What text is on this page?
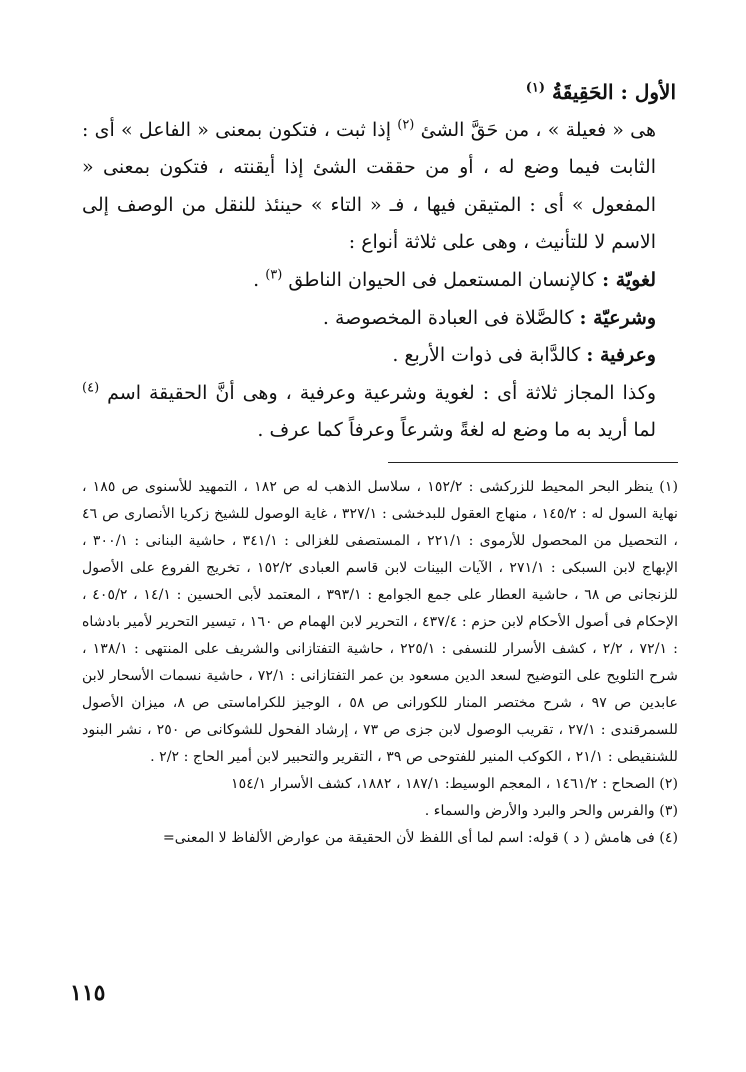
الأول : الحَقِيقَةُ $^{(١)}$

هى « فعيلة » ، من حَقَّ الشئ $^{(٢)}$ إذا ثبت ، فتكون بمعنى « الفاعل » أى : الثابت فيما وضع له ، أو من حققت الشئ إذا أيقنته ، فتكون بمعنى « المفعول » أى : المتيقن فيها ، فـ « التاء » حينئذ للنقل من الوصف إلى الاسم لا للتأنيث ، وهى على ثلاثة أنواع :

لغويّة : كالإنسان المستعمل فى الحيوان الناطق $^{(٣)}$ .

وشرعيّة : كالصَّلاة فى العبادة المخصوصة .

وعرفية : كالدَّابة فى ذوات الأربع .

وكذا المجاز ثلاثة أى : لغوية وشرعية وعرفية ، وهى أنَّ الحقيقة اسم $^{(٤)}$ لما أريد به ما وضع له لغةً وشرعاً وعرفاً كما عرف .

(١) ينظر البحر المحيط للزركشى : ١٥٢/٢ ، سلاسل الذهب له ص ١٨٢ ، التمهيد للأسنوى ص ١٨٥ ، نهاية السول له : ١٤٥/٢ ، منهاج العقول للبدخشى : ٣٢٧/١ ، غاية الوصول للشيخ زكريا الأنصارى ص ٤٦ ، التحصيل من المحصول للأرموى : ٢٢١/١ ، المستصفى للغزالى : ٣٤١/١ ، حاشية البنانى : ٣٠٠/١ ، الإبهاج لابن السبكى : ٢٧١/١ ، الآيات البينات لابن قاسم العبادى ١٥٢/٢ ، تخريج الفروع على الأصول للزنجانى ص ٦٨ ، حاشية العطار على جمع الجوامع : ٣٩٣/١ ، المعتمد لأبى الحسين : ١٤/١ ، ٤٠٥/٢ ، الإحكام فى أصول الأحكام لابن حزم : ٤٣٧/٤ ، التحرير لابن الهمام ص ١٦٠ ، تيسير التحرير لأمير بادشاه : ٧٢/١ ، ٢/٢ ، كشف الأسرار للنسفى : ٢٢٥/١ ، حاشية التفتازانى والشريف على المنتهى : ١٣٨/١ ، شرح التلويح على التوضيح لسعد الدين مسعود بن عمر التفتازانى : ٧٢/١ ، حاشية نسمات الأسحار لابن عابدين ص ٩٧ ، شرح مختصر المنار للكورانى ص ٥٨ ، الوجيز للكراماستى ص ٨، ميزان الأصول للسمرقندى : ٢٧/١ ، تقريب الوصول لابن جزى ص ٧٣ ، إرشاد الفحول للشوكانى ص ٢٥٠ ، نشر البنود للشنقيطى : ٢١/١ ، الكوكب المنير للفتوحى ص ٣٩ ، التقرير والتحبير لابن أمير الحاج : ٢/٢ .

(٢) الصحاح : ١٤٦١/٢ ، المعجم الوسيط: ١٨٧/١ ، ١٨٨٢، كشف الأسرار ١٥٤/١

(٣) والفرس والحر والبرد والأرض والسماء .

(٤) فى هامش ( د ) قوله: اسم لما أى اللفظ لأن الحقيقة من عوارض الألفاظ لا المعنى=

١١٥
